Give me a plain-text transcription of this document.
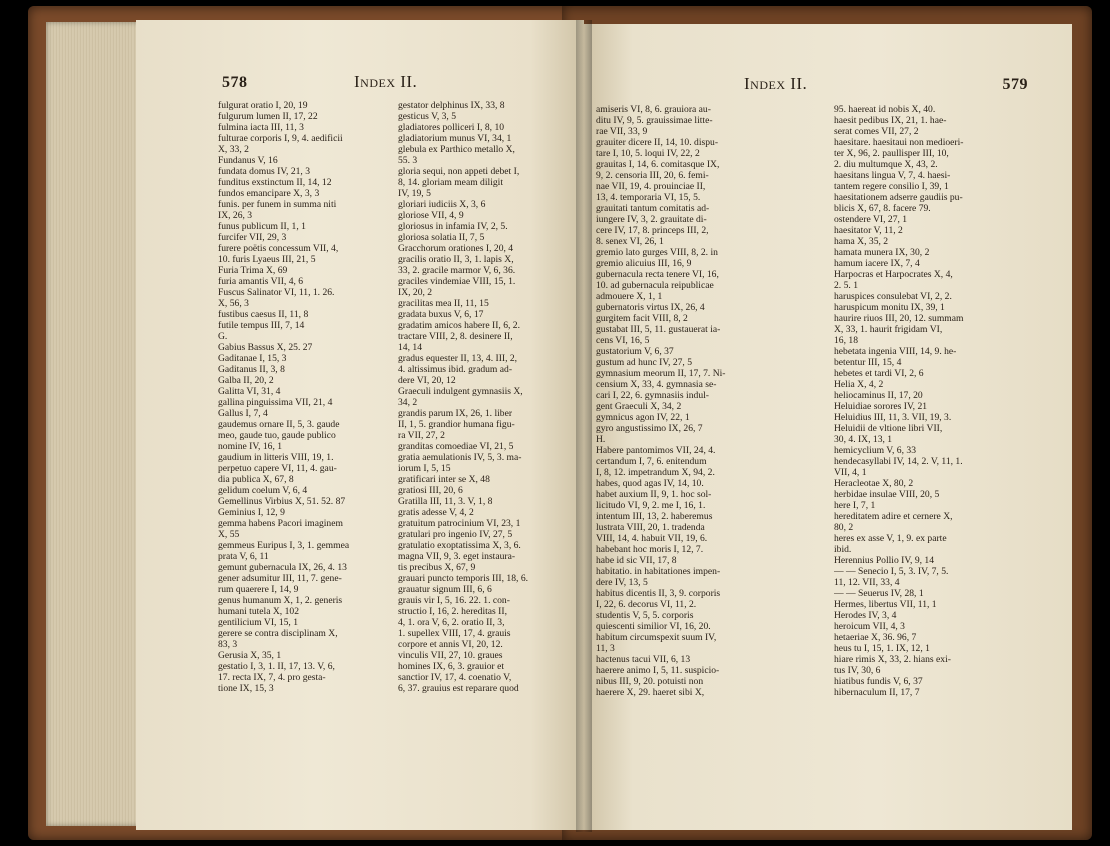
578	Index II.
fulgurat oratio I, 20, 19
fulgurum lumen II, 17, 22
fulmina iacta III, 11, 3
fulturae corporis I, 9, 4. aedificii
X, 33, 2
Fundanus V, 16
fundata domus IV, 21, 3
funditus exstinctum II, 14, 12
fundos emancipare X, 3, 3
funis. per funem in summa niti
IX, 26, 3
funus publicum II, 1, 1
furcifer VII, 29, 3
furere poëtis concessum VII, 4,
10. furis Lyaeus III, 21, 5
Furia Trima X, 69
furia amantis VII, 4, 6
Fuscus Salinator VI, 11, 1. 26.
X, 56, 3
fustibus caesus II, 11, 8
futile tempus III, 7, 14
G.
Gabius Bassus X, 25. 27
Gaditanae I, 15, 3
Gaditanus II, 3, 8
Galba II, 20, 2
Galitta VI, 31, 4
gallina pinguissima VII, 21, 4
Gallus I, 7, 4
gaudemus ornare II, 5, 3. gaude
meo, gaude tuo, gaude publico
nomine IV, 16, 1
gaudium in litteris VIII, 19, 1.
perpetuo capere VI, 11, 4. gau-
dia publica X, 67, 8
gelidum coelum V, 6, 4
Gemellinus Virbius X, 51. 52. 87
Geminius I, 12, 9
gemma habens Pacori imaginem
X, 55
gemmeus Euripus I, 3, 1. gemmea
prata V, 6, 11
gemunt gubernacula IX, 26, 4. 13
gener adsumitur III, 11, 7. gene-
rum quaerere I, 14, 9
genus humanum X, 1, 2. generis
humani tutela X, 102
gentilicium VI, 15, 1
gerere se contra disciplinam X,
83, 3
Gerusia X, 35, 1
gestatio I, 3, 1. II, 17, 13. V, 6,
17. recta IX, 7, 4. pro gesta-
tione IX, 15, 3
gestator delphinus IX, 33, 8
gesticus V, 3, 5
gladiatores polliceri I, 8, 10
gladiatorium munus VI, 34, 1
glebula ex Parthico metallo X,
55. 3
gloria sequi, non appeti debet I,
8, 14. gloriam meam diligit
IV, 19, 5
gloriari iudiciis X, 3, 6
gloriose VII, 4, 9
gloriosus in infamia IV, 2, 5.
gloriosa solatia II, 7, 5
Gracchorum orationes I, 20, 4
gracilis oratio II, 3, 1. lapis X,
33, 2. gracile marmor V, 6, 36.
graciles vindemiae VIII, 15, 1.
IX, 20, 2
gracilitas mea II, 11, 15
gradata buxus V, 6, 17
gradatim amicos habere II, 6, 2.
tractare VIII, 2, 8. desinere II,
14, 14
gradus equester II, 13, 4. III, 2,
4. altissimus ibid. gradum ad-
dere VI, 20, 12
Graeculi indulgent gymnasiis X,
34, 2
grandis parum IX, 26, 1. liber
II, 1, 5. grandior humana figu-
ra VII, 27, 2
granditas comoediae VI, 21, 5
gratia aemulationis IV, 5, 3. ma-
iorum I, 5, 15
gratificari inter se X, 48
gratiosi III, 20, 6
Gratilla III, 11, 3. V, 1, 8
gratis adesse V, 4, 2
gratuitum patrocinium VI, 23, 1
gratulari pro ingenio IV, 27, 5
gratulatio exoptatissima X, 3, 6.
magna VII, 9, 3. eget instaura-
tis precibus X, 67, 9
grauari puncto temporis III, 18, 6.
grauatur signum III, 6, 6
grauis vir I, 5, 16. 22. 1. con-
structio I, 16, 2. hereditas II,
4, 1. ora V, 6, 2. oratio II, 3,
1. supellex VIII, 17, 4. grauis
corpore et annis VI, 20, 12.
vinculis VII, 27, 10. graues
homines IX, 6, 3. grauior et
sanctior IV, 17, 4. coenatio V,
6, 37. grauius est reparare quod
Index II.	579
amiseris VI, 8, 6. grauiora au-
ditu IV, 9, 5. grauissimae litte-
rae VII, 33, 9
grauiter dicere II, 14, 10. dispu-
tare I, 10, 5. loqui IV, 22, 2
grauitas I, 14, 6. comitasque IX,
9, 2. censoria III, 20, 6. femi-
nae VII, 19, 4. prouinciae II,
13, 4. temporaria VI, 15, 5.
grauitati tantum comitatis ad-
iungere IV, 3, 2. grauitate di-
cere IV, 17, 8. princeps III, 2,
8. senex VI, 26, 1
gremio lato gurges VIII, 8, 2. in
gremio alicuius III, 16, 9
gubernacula recta tenere VI, 16,
10. ad gubernacula reipublicae
admouere X, 1, 1
gubernatoris virtus IX, 26, 4
gurgitem facit VIII, 8, 2
gustabat III, 5, 11. gustauerat ia-
cens VI, 16, 5
gustatorium V, 6, 37
gustum ad hunc IV, 27, 5
gymnasium meorum II, 17, 7. Ni-
censium X, 33, 4. gymnasia se-
cari I, 22, 6. gymnasiis indul-
gent Graeculi X, 34, 2
gymnicus agon IV, 22, 1
gyro angustissimo IX, 26, 7
H.
Habere pantomimos VII, 24, 4.
certandum I, 7, 6. enitendum
I, 8, 12. impetrandum X, 94, 2.
habes, quod agas IV, 14, 10.
habet auxium II, 9, 1. hoc sol-
licitudo VI, 9, 2. me I, 16, 1.
intentum III, 13, 2. haberemus
lustrata VIII, 20, 1. tradenda
VIII, 14, 4. habuit VII, 19, 6.
habebant hoc moris I, 12, 7.
habe id sic VII, 17, 8
habitatio. in habitationes impen-
dere IV, 13, 5
habitus dicentis II, 3, 9. corporis
I, 22, 6. decorus VI, 11, 2.
studentis V, 5, 5. corporis
quiescenti similior VI, 16, 20.
habitum circumspexit suum IV,
11, 3
hactenus tacui VII, 6, 13
haerere animo I, 5, 11. suspicio-
nibus III, 9, 20. potuisti non
haerere X, 29. haeret sibi X,
95. haereat id nobis X, 40.
haesit pedibus IX, 21, 1. hae-
serat comes VII, 27, 2
haesitare. haesitaui non medioeri-
ter X, 96, 2. paullisper III, 10,
2. diu multumque X, 43, 2.
haesitans lingua V, 7, 4. haesi-
tantem regere consilio I, 39, 1
haesitationem adserre gaudiis pu-
blicis X, 67, 8. facere 79.
ostendere VI, 27, 1
haesitator V, 11, 2
hama X, 35, 2
hamata munera IX, 30, 2
hamum iacere IX, 7, 4
Harpocras et Harpocrates X, 4,
2. 5. 1
haruspices consulebat VI, 2, 2.
haruspicum monitu IX, 39, 1
haurire riuos III, 20, 12. summam
X, 33, 1. haurit frigidam VI,
16, 18
hebetata ingenia VIII, 14, 9. he-
betentur III, 15, 4
hebetes et tardi VI, 2, 6
Helia X, 4, 2
heliocaminus II, 17, 20
Heluidiae sorores IV, 21
Heluidius III, 11, 3. VII, 19, 3.
Heluidii de vltione libri VII,
30, 4. IX, 13, 1
hemicyclium V, 6, 33
hendecasyllabi IV, 14, 2. V, 11, 1.
VII, 4, 1
Heracleotae X, 80, 2
herbidae insulae VIII, 20, 5
here I, 7, 1
hereditatem adire et cernere X,
80, 2
heres ex asse V, 1, 9. ex parte
ibid.
Herennius Pollio IV, 9, 14
— — Senecio I, 5, 3. IV, 7, 5.
11, 12. VII, 33, 4
— — Seuerus IV, 28, 1
Hermes, libertus VII, 11, 1
Herodes IV, 3, 4
heroicum VII, 4, 3
hetaeriae X, 36. 96, 7
heus tu I, 15, 1. IX, 12, 1
hiare rimis X, 33, 2. hians exi-
tus IV, 30, 6
hiatibus fundis V, 6, 37
hibernaculum II, 17, 7
